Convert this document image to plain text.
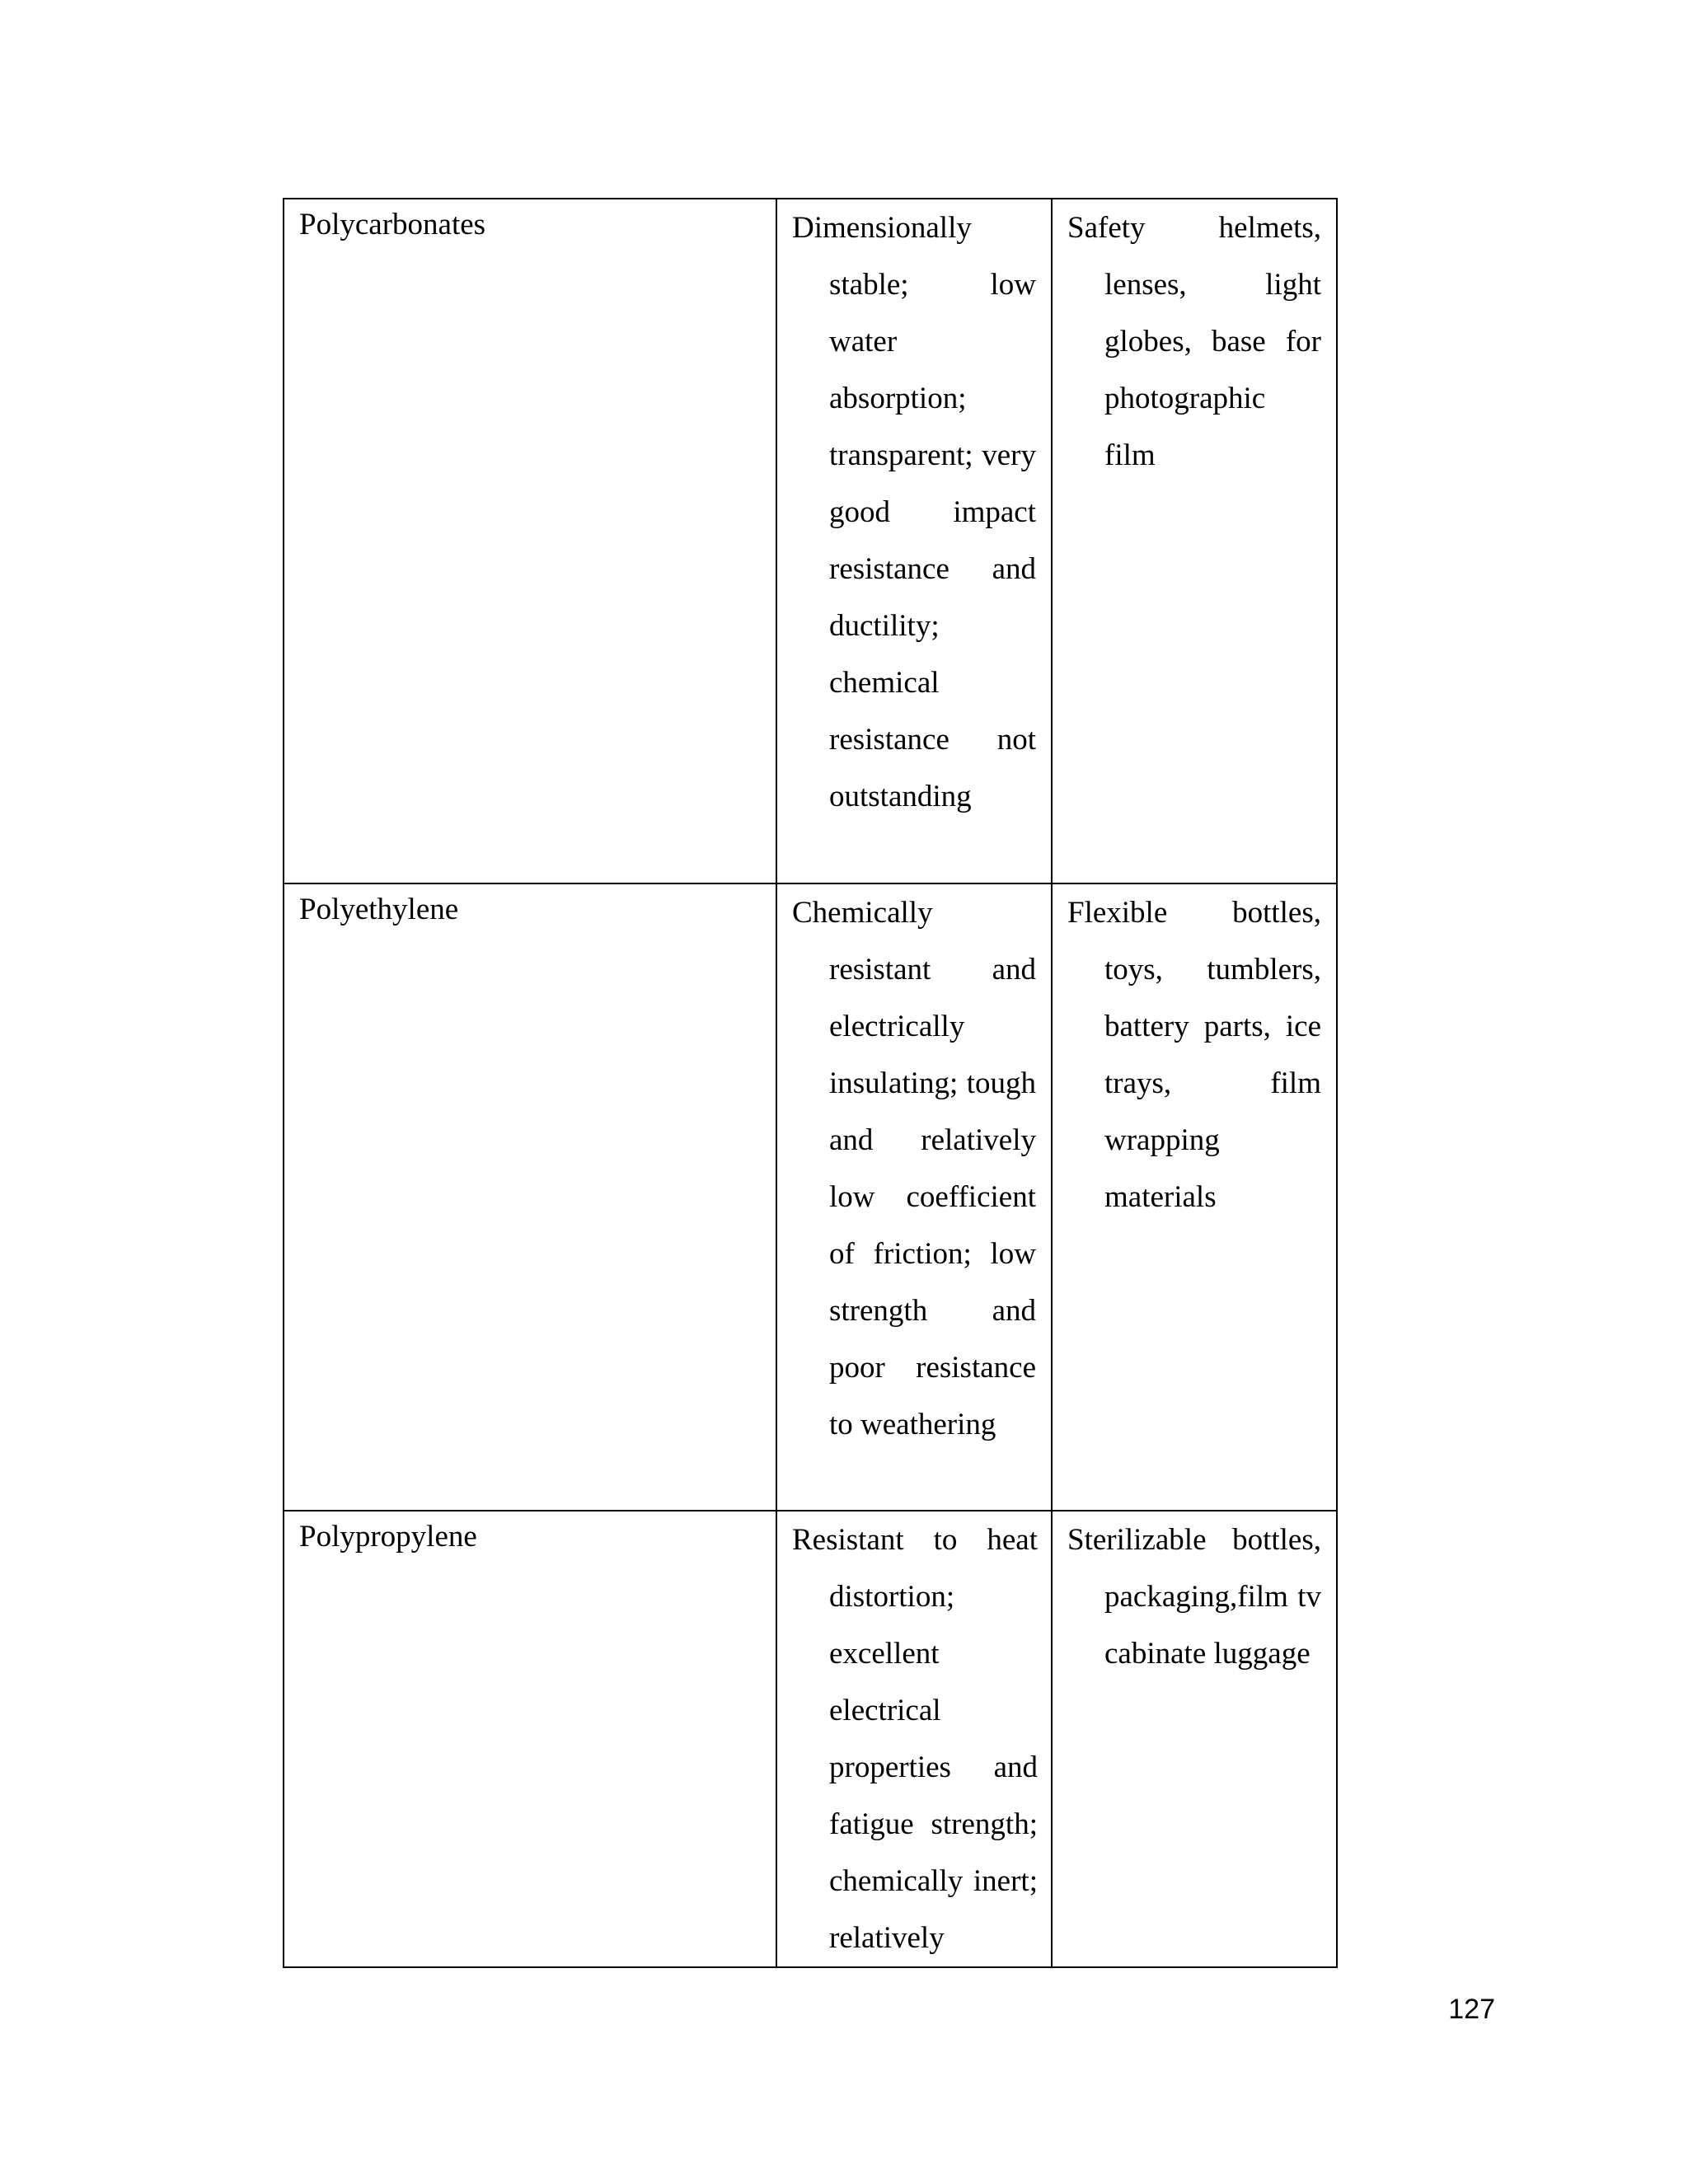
Polycarbonates	Dimensionally stable; low water absorption; transparent; very good impact resistance and ductility; chemical resistance not outstanding	Safety helmets, lenses, light globes, base for photographic film

Polyethylene	Chemically resistant and electrically insulating; tough and relatively low coefficient of friction; low strength and poor resistance to weathering	Flexible bottles, toys, tumblers, battery parts, ice trays, film wrapping materials

Polypropylene	Resistant to heat distortion; excellent electrical properties and fatigue strength; chemically inert; relatively	Sterilizable bottles, packaging,film tv cabinate luggage
127
